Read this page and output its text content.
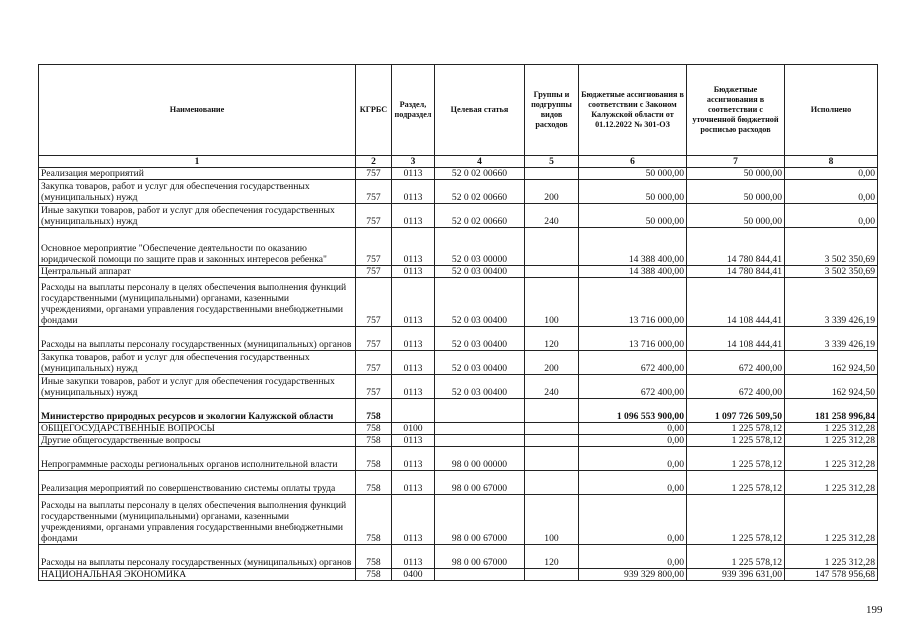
Наименование	КГРБС	Раздел, подраздел	Целевая статья	Группы и подгруппы видов расходов	Бюджетные ассигнования в соответствии с Законом Калужской области от 01.12.2022 № 301-ОЗ	Бюджетные ассигнования в соответствии с уточненной бюджетной росписью расходов	Исполнено
1	2	3	4	5	6	7	8
Реализация мероприятий	757	0113	52 0 02 00660		50 000,00	50 000,00	0,00
Закупка товаров, работ и услуг для обеспечения государственных (муниципальных) нужд	757	0113	52 0 02 00660	200	50 000,00	50 000,00	0,00
Иные закупки товаров, работ и услуг для обеспечения государственных (муниципальных) нужд	757	0113	52 0 02 00660	240	50 000,00	50 000,00	0,00
Основное мероприятие "Обеспечение деятельности по оказанию юридической помощи по защите прав и законных интересов ребенка"	757	0113	52 0 03 00000		14 388 400,00	14 780 844,41	3 502 350,69
Центральный аппарат	757	0113	52 0 03 00400		14 388 400,00	14 780 844,41	3 502 350,69
Расходы на выплаты персоналу в целях обеспечения выполнения функций государственными (муниципальными) органами, казенными учреждениями, органами управления государственными внебюджетными фондами	757	0113	52 0 03 00400	100	13 716 000,00	14 108 444,41	3 339 426,19
Расходы на выплаты персоналу государственных (муниципальных) органов	757	0113	52 0 03 00400	120	13 716 000,00	14 108 444,41	3 339 426,19
Закупка товаров, работ и услуг для обеспечения государственных (муниципальных) нужд	757	0113	52 0 03 00400	200	672 400,00	672 400,00	162 924,50
Иные закупки товаров, работ и услуг для обеспечения государственных (муниципальных) нужд	757	0113	52 0 03 00400	240	672 400,00	672 400,00	162 924,50
Министерство природных ресурсов и экологии Калужской области	758				1 096 553 900,00	1 097 726 509,50	181 258 996,84
ОБЩЕГОСУДАРСТВЕННЫЕ ВОПРОСЫ	758	0100			0,00	1 225 578,12	1 225 312,28
Другие общегосударственные вопросы	758	0113			0,00	1 225 578,12	1 225 312,28
Непрограммные расходы региональных органов исполнительной власти	758	0113	98 0 00 00000		0,00	1 225 578,12	1 225 312,28
Реализация мероприятий по совершенствованию системы оплаты труда	758	0113	98 0 00 67000		0,00	1 225 578,12	1 225 312,28
Расходы на выплаты персоналу в целях обеспечения выполнения функций государственными (муниципальными) органами, казенными учреждениями, органами управления государственными внебюджетными фондами	758	0113	98 0 00 67000	100	0,00	1 225 578,12	1 225 312,28
Расходы на выплаты персоналу государственных (муниципальных) органов	758	0113	98 0 00 67000	120	0,00	1 225 578,12	1 225 312,28
НАЦИОНАЛЬНАЯ ЭКОНОМИКА	758	0400			939 329 800,00	939 396 631,00	147 578 956,68
199
